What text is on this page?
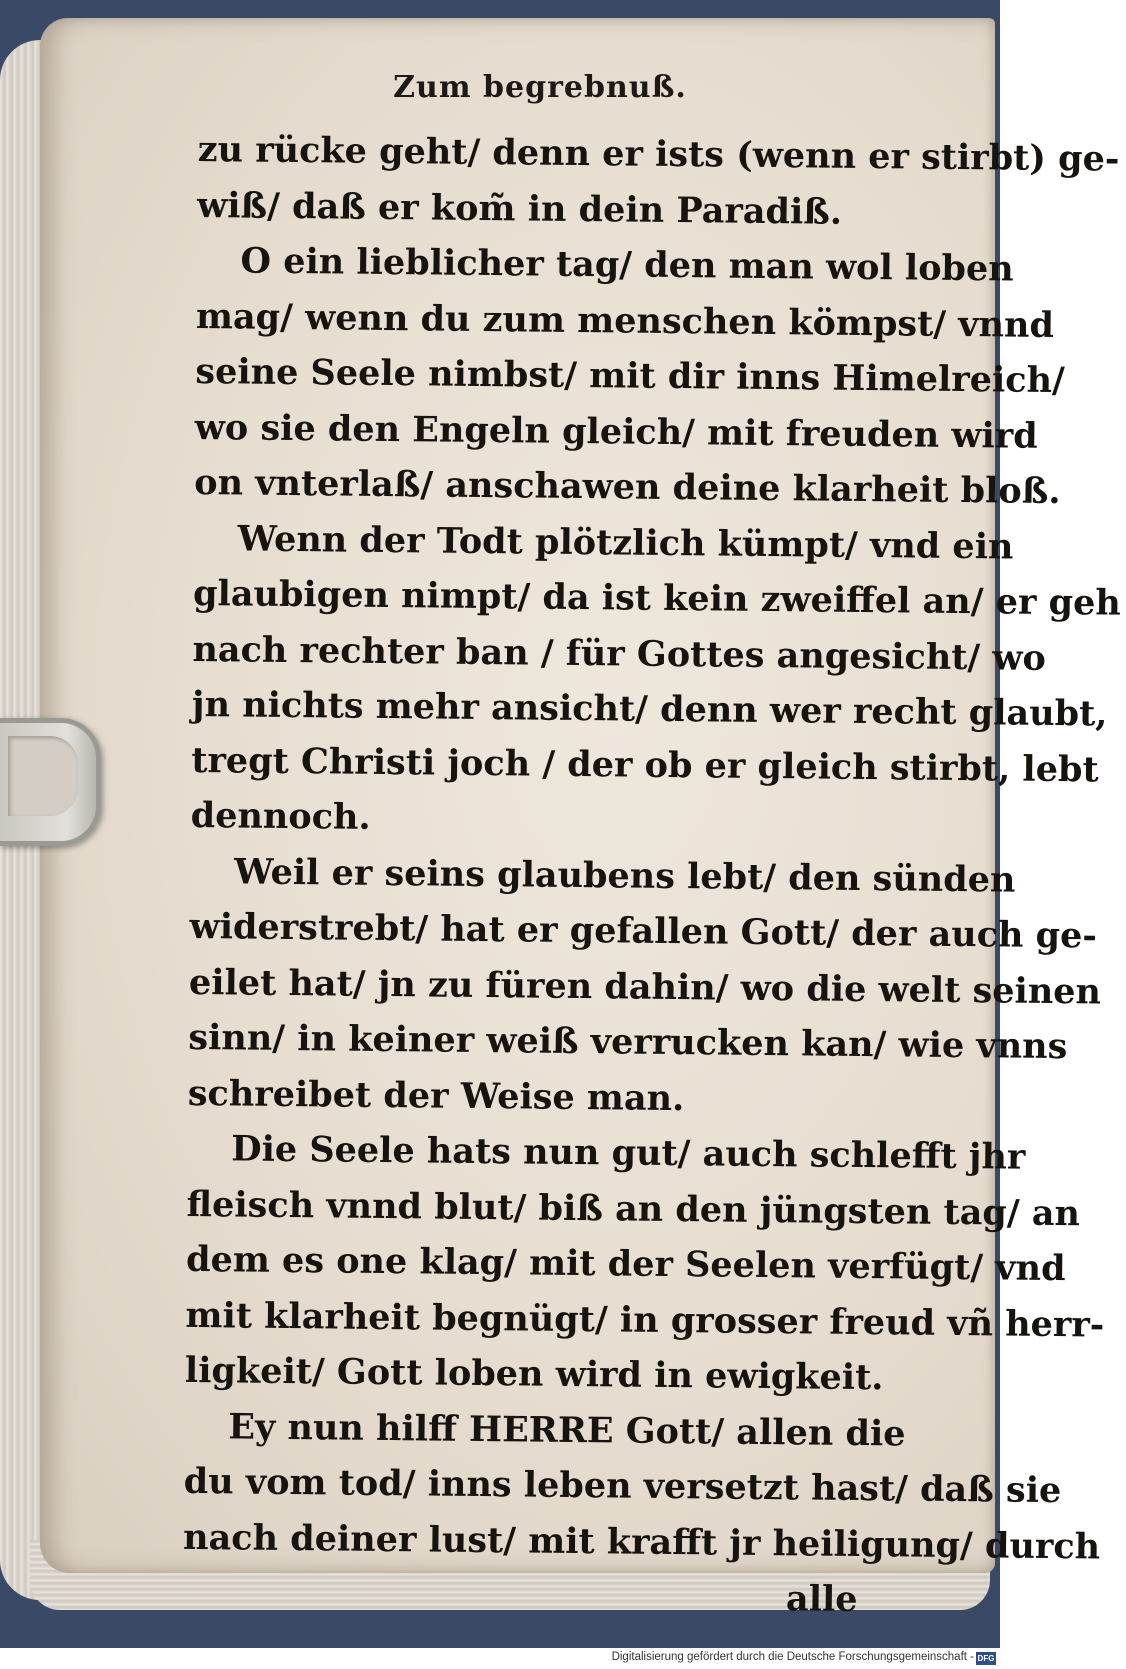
Zum begrebnuß.
zu rücke geht/ denn er ists (wenn er stirbt) ge-
wiß/ daß er kom̃ in dein Paradiß.
O ein lieblicher tag/ den man wol loben
mag/ wenn du zum menschen kömpst/ vnnd
seine Seele nimbst/ mit dir inns Himelreich/
wo sie den Engeln gleich/ mit freuden wird
on vnterlaß/ anschawen deine klarheit bloß.
Wenn der Todt plötzlich kümpt/ vnd ein
glaubigen nimpt/ da ist kein zweiffel an/ er geh
nach rechter ban / für Gottes angesicht/ wo
jn nichts mehr ansicht/ denn wer recht glaubt,
tregt Christi joch / der ob er gleich stirbt, lebt
dennoch.
Weil er seins glaubens lebt/ den sünden
widerstrebt/ hat er gefallen Gott/ der auch ge-
eilet hat/ jn zu füren dahin/ wo die welt seinen
sinn/ in keiner weiß verrucken kan/ wie vnns
schreibet der Weise man.
Die Seele hats nun gut/ auch schlefft jhr
fleisch vnnd blut/ biß an den jüngsten tag/ an
dem es one klag/ mit der Seelen verfügt/ vnd
mit klarheit begnügt/ in grosser freud vñ herr-
ligkeit/ Gott loben wird in ewigkeit.
Ey nun hilff HERRE Gott/ allen die
du vom tod/ inns leben versetzt hast/ daß sie
nach deiner lust/ mit krafft jr heiligung/ durch
alle
Digitalisierung gefördert durch die Deutsche Forschungsgemeinschaft - DFG
